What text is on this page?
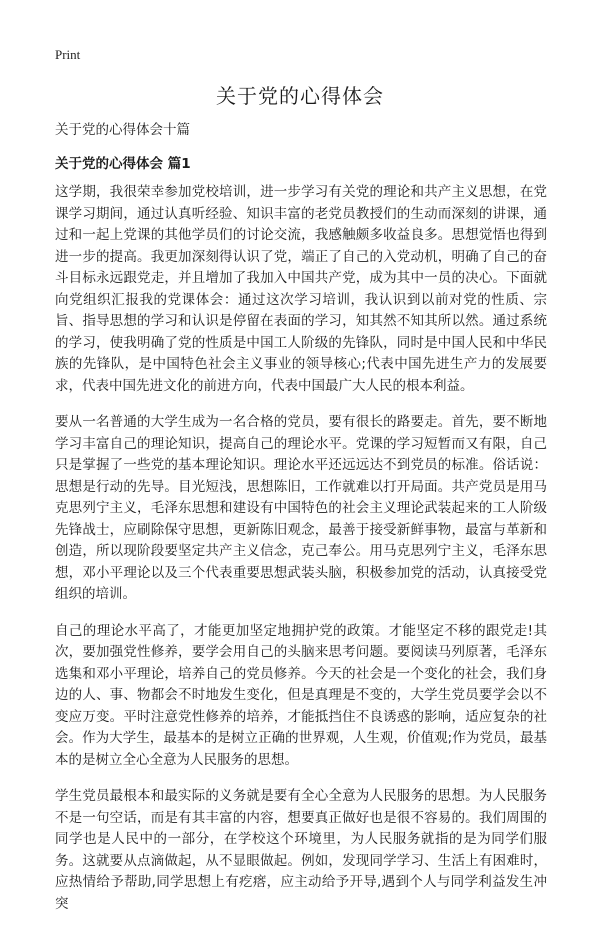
Print
关于党的心得体会

关于党的心得体会十篇

关于党的心得体会 篇1

这学期，我很荣幸参加党校培训，进一步学习有关党的理论和共产主义思想，在党课学习期间，通过认真听经验、知识丰富的老党员教授们的生动而深刻的讲课，通过和一起上党课的其他学员们的讨论交流，我感触颇多收益良多。思想觉悟也得到进一步的提高。我更加深刻得认识了党，端正了自己的入党动机，明确了自己的奋斗目标永远跟党走，并且增加了我加入中国共产党，成为其中一员的决心。下面就向党组织汇报我的党课体会：通过这次学习培训，我认识到以前对党的性质、宗旨、指导思想的学习和认识是停留在表面的学习，知其然不知其所以然。通过系统的学习，使我明确了党的性质是中国工人阶级的先锋队，同时是中国人民和中华民族的先锋队，是中国特色社会主义事业的领导核心;代表中国先进生产力的发展要求，代表中国先进文化的前进方向，代表中国最广大人民的根本利益。

要从一名普通的大学生成为一名合格的党员，要有很长的路要走。首先，要不断地学习丰富自己的理论知识，提高自己的理论水平。党课的学习短暂而又有限，自己只是掌握了一些党的基本理论知识。理论水平还远远达不到党员的标准。俗话说：思想是行动的先导。目光短浅，思想陈旧，工作就难以打开局面。共产党员是用马克思列宁主义，毛泽东思想和建设有中国特色的社会主义理论武装起来的工人阶级先锋战士，应刷除保守思想，更新陈旧观念，最善于接受新鲜事物，最富与革新和创造，所以现阶段要坚定共产主义信念，克己奉公。用马克思列宁主义，毛泽东思想，邓小平理论以及三个代表重要思想武装头脑，积极参加党的活动，认真接受党组织的培训。

自己的理论水平高了，才能更加坚定地拥护党的政策。才能坚定不移的跟党走!其次，要加强党性修养，要学会用自己的头脑来思考问题。要阅读马列原著，毛泽东选集和邓小平理论，培养自己的党员修养。今天的社会是一个变化的社会，我们身边的人、事、物都会不时地发生变化，但是真理是不变的，大学生党员要学会以不变应万变。平时注意党性修养的培养，才能抵挡住不良诱惑的影响，适应复杂的社会。作为大学生，最基本的是树立正确的世界观，人生观，价值观;作为党员，最基本的是树立全心全意为人民服务的思想。

学生党员最根本和最实际的义务就是要有全心全意为人民服务的思想。为人民服务不是一句空话，而是有其丰富的内容，想要真正做好也是很不容易的。我们周围的同学也是人民中的一部分，在学校这个环境里，为人民服务就指的是为同学们服务。这就要从点滴做起，从不显眼做起。例如，发现同学学习、生活上有困难时，应热情给予帮助,同学思想上有疙瘩，应主动给予开导,遇到个人与同学利益发生冲突
